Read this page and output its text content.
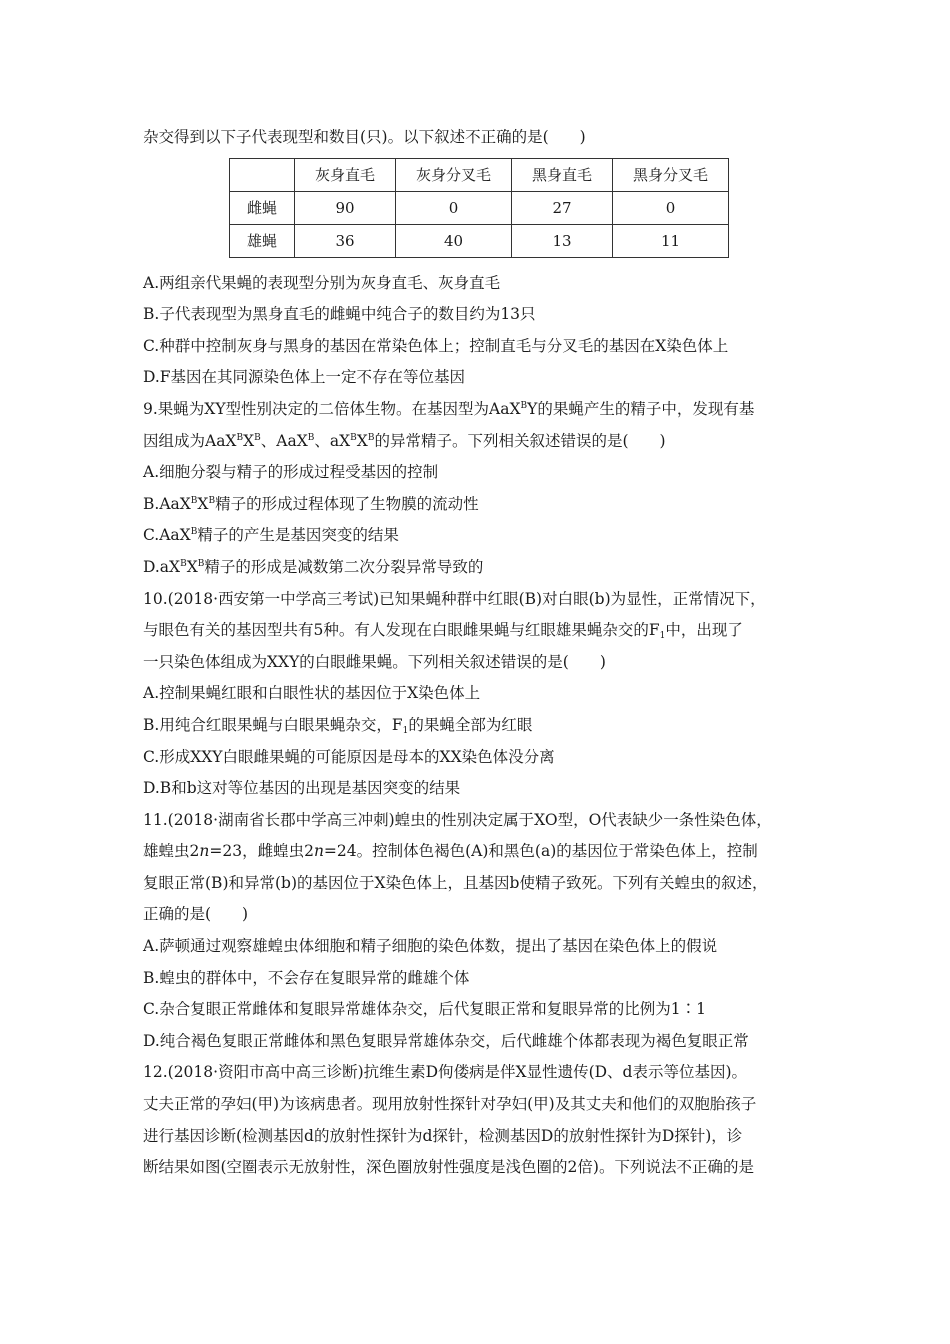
杂交得到以下子代表现型和数目(只)。以下叙述不正确的是(　　)
	灰身直毛	灰身分叉毛	黑身直毛	黑身分叉毛
雌蝇	90	0	27	0
雄蝇	36	40	13	11
A.两组亲代果蝇的表现型分别为灰身直毛、灰身直毛
B.子代表现型为黑身直毛的雌蝇中纯合子的数目约为13只
C.种群中控制灰身与黑身的基因在常染色体上；控制直毛与分叉毛的基因在X染色体上
D.F基因在其同源染色体上一定不存在等位基因
9.果蝇为XY型性别决定的二倍体生物。在基因型为AaX$^B$Y的果蝇产生的精子中，发现有基
因组成为$AaX^BX^B$、AaX$^B$、$aX^BX^B$的异常精子。下列相关叙述错误的是(　　)
A.细胞分裂与精子的形成过程受基因的控制
$B.AaX^BX^B$精子的形成过程体现了生物膜的流动性
C.AaX$^B$精子的产生是基因突变的结果
$D.aX^BX^B$精子的形成是减数第二次分裂异常导致的
10.(2018·西安第一中学高三考试)已知果蝇种群中红眼(B)对白眼(b)为显性，正常情况下，
与眼色有关的基因型共有5种。有人发现在白眼雌果蝇与红眼雄果蝇杂交的$F_1$中，出现了
一只染色体组成为XXY的白眼雌果蝇。下列相关叙述错误的是(　　)
A.控制果蝇红眼和白眼性状的基因位于X染色体上
B.用纯合红眼果蝇与白眼果蝇杂交，$F_1$的果蝇全部为红眼
C.形成XXY白眼雌果蝇的可能原因是母本的XX染色体没分离
D.B和b这对等位基因的出现是基因突变的结果
11.(2018·湖南省长郡中学高三冲刺)蝗虫的性别决定属于XO型，O代表缺少一条性染色体，
雄蝗虫2n=23，雌蝗虫2n=24。控制体色褐色(A)和黑色(a)的基因位于常染色体上，控制
复眼正常(B)和异常(b)的基因位于X染色体上，且基因b使精子致死。下列有关蝗虫的叙述，
正确的是(　　)
A.萨顿通过观察雄蝗虫体细胞和精子细胞的染色体数，提出了基因在染色体上的假说
B.蝗虫的群体中，不会存在复眼异常的雌雄个体
C.杂合复眼正常雌体和复眼异常雄体杂交，后代复眼正常和复眼异常的比例为1∶1
D.纯合褐色复眼正常雌体和黑色复眼异常雄体杂交，后代雌雄个体都表现为褐色复眼正常
12.(2018·资阳市高中高三诊断)抗维生素D佝偻病是伴X显性遗传(D、d表示等位基因)。
丈夫正常的孕妇(甲)为该病患者。现用放射性探针对孕妇(甲)及其丈夫和他们的双胞胎孩子
进行基因诊断(检测基因d的放射性探针为d探针，检测基因D的放射性探针为D探针)，诊
断结果如图(空圈表示无放射性，深色圈放射性强度是浅色圈的2倍)。下列说法不正确的是
